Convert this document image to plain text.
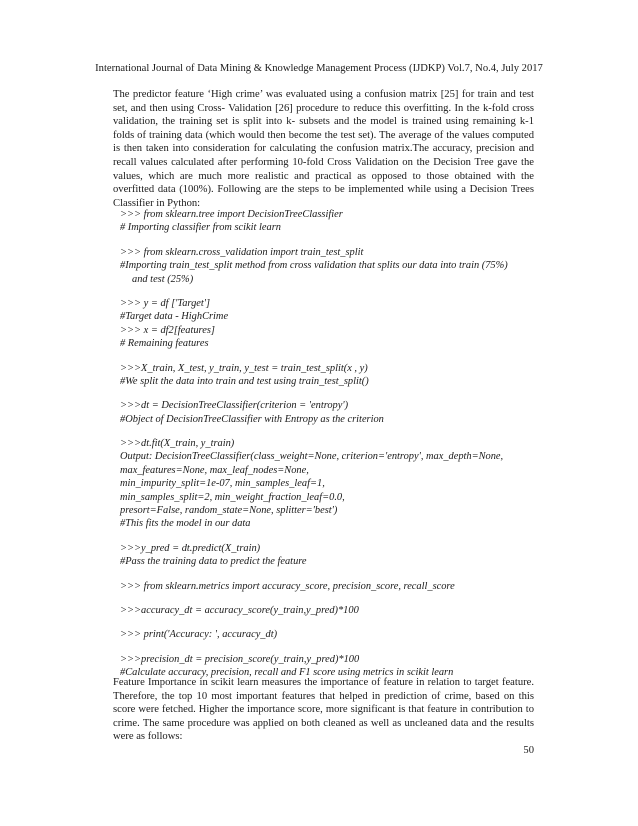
International Journal of Data Mining & Knowledge Management Process (IJDKP) Vol.7, No.4, July 2017

The predictor feature ‘High crime’ was evaluated using a confusion matrix [25] for train and test set, and then using Cross- Validation [26] procedure to reduce this overfitting. In the k-fold cross validation, the training set is split into k- subsets and the model is trained using remaining k-1 folds of training data (which would then become the test set). The average of the values computed is then taken into consideration for calculating the confusion matrix.The accuracy, precision and recall values calculated after performing 10-fold Cross Validation on the Decision Tree gave the values, which are much more realistic and practical as opposed to those obtained with the overfitted data (100%). Following are the steps to be implemented while using a Decision Trees Classifier in Python:

>>> from sklearn.tree import DecisionTreeClassifier
# Importing classifier from scikit learn
>>> from sklearn.cross_validation import train_test_split
#Importing train_test_split method from cross validation that splits our data into train (75%)
and test (25%)
>>> y = df ['Target']
#Target data - HighCrime
>>> x = df2[features]
# Remaining features
>>>X_train, X_test, y_train, y_test = train_test_split(x , y)
#We split the data into train and test using train_test_split()
>>>dt = DecisionTreeClassifier(criterion = 'entropy')
#Object of DecisionTreeClassifier with Entropy as the criterion
>>>dt.fit(X_train, y_train)
Output: DecisionTreeClassifier(class_weight=None, criterion='entropy', max_depth=None,
max_features=None, max_leaf_nodes=None,
min_impurity_split=1e-07, min_samples_leaf=1,
min_samples_split=2, min_weight_fraction_leaf=0.0,
presort=False, random_state=None, splitter='best')
#This fits the model in our data
>>>y_pred = dt.predict(X_train)
#Pass the training data to predict the feature
>>> from sklearn.metrics import accuracy_score, precision_score, recall_score
>>>accuracy_dt = accuracy_score(y_train,y_pred)*100
>>> print('Accuracy: ', accuracy_dt)
>>>precision_dt = precision_score(y_train,y_pred)*100
#Calculate accuracy, precision, recall and F1 score using metrics in scikit learn

Feature Importance in scikit learn measures the importance of feature in relation to target feature. Therefore, the top 10 most important features that helped in prediction of crime, based on this score were fetched. Higher the importance score, more significant is that feature in contribution to crime. The same procedure was applied on both cleaned as well as uncleaned data and the results were as follows:

50
